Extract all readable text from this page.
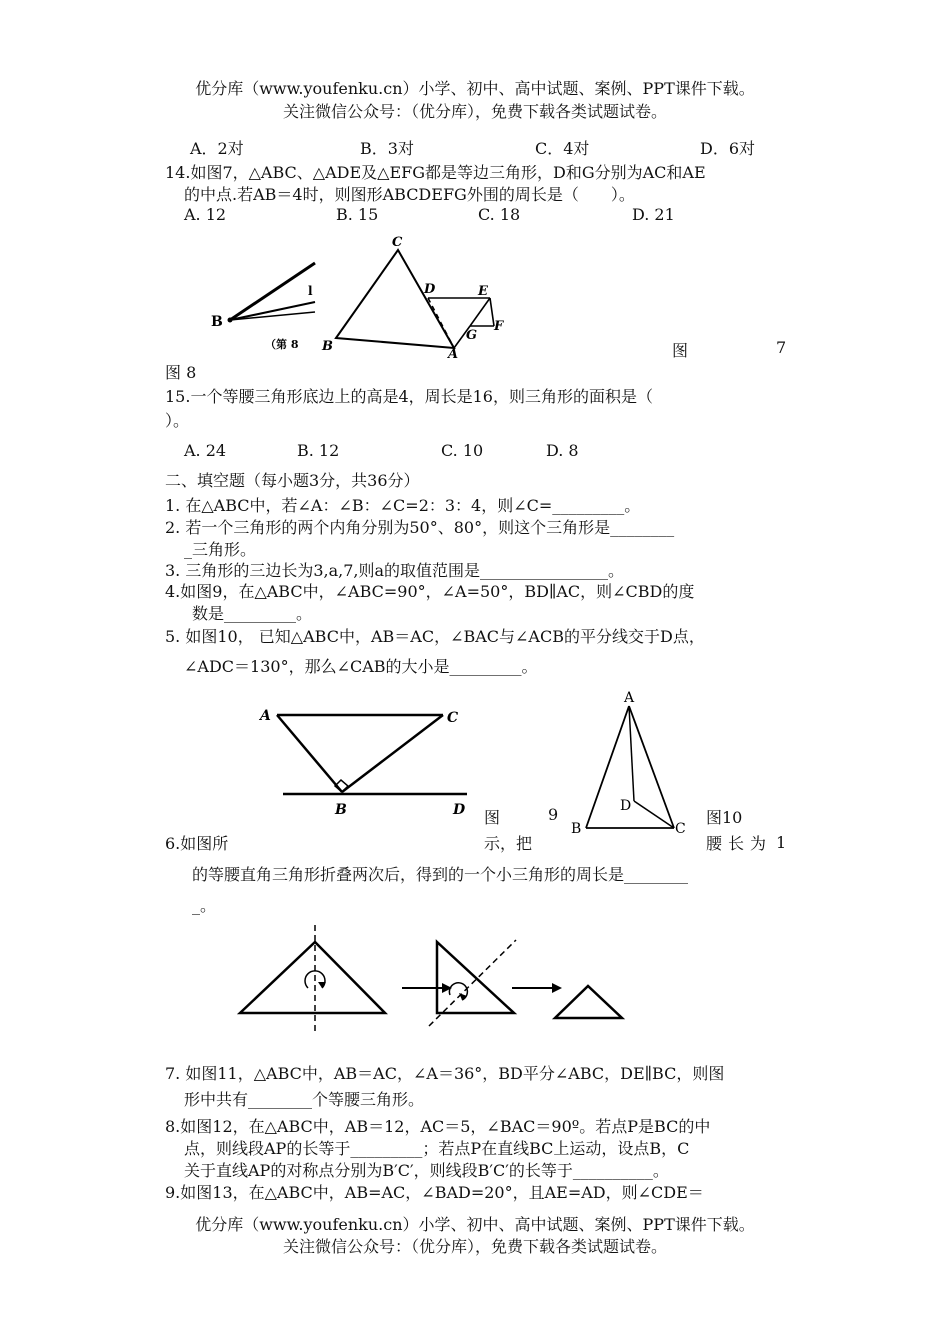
优分库（www.youfenku.cn）小学、初中、高中试题、案例、PPT课件下载。
关注微信公众号：（优分库），免费下载各类试题试卷。
A．2对	B．3对	C．4对	D．6对
14.如图7，△ABC、△ADE及△EFG都是等边三角形，D和G分别为AC和AE
的中点.若AB＝4时，则图形ABCDEFG外围的周长是（　　）。
A. 12	B. 15	C. 18	D. 21
B
l
（第 8
C
D	E
G
F
A
B	图	7
图 8
15.一个等腰三角形底边上的高是4，周长是16，则三角形的面积是（
）。
A. 24	B. 12	C. 10	D. 8
二、填空题（每小题3分，共36分）
1. 在△ABC中，若∠A：∠B：∠C=2：3：4，则∠C=_________。
2. 若一个三角形的两个内角分别为50°、80°，则这个三角形是________
_三角形。
3. 三角形的三边长为3,a,7,则a的取值范围是________________。
4.如图9，在△ABC中，∠ABC=90°，∠A=50°，BD∥AC，则∠CBD的度
数是_________。
5. 如图10， 已知△ABC中，AB＝AC，∠BAC与∠ACB的平分线交于D点，
∠ADC＝130°，那么∠CAB的大小是_________。
A	C
B	D
A
D
B	C
图	9	图10
6.如图所	示，把	腰长为 1
的等腰直角三角形折叠两次后，得到的一个小三角形的周长是________
_。
7. 如图11，△ABC中，AB＝AC，∠A＝36°，BD平分∠ABC，DE∥BC，则图
形中共有________个等腰三角形。
8.如图12，在△ABC中，AB＝12，AC＝5，∠BAC＝90º。若点P是BC的中
点，则线段AP的长等于_________；若点P在直线BC上运动，设点B，C
关于直线AP的对称点分别为B′C′，则线段B′C′的长等于__________。
9.如图13，在△ABC中，AB=AC，∠BAD=20°，且AE=AD，则∠CDE＝
优分库（www.youfenku.cn）小学、初中、高中试题、案例、PPT课件下载。
关注微信公众号：（优分库），免费下载各类试题试卷。
